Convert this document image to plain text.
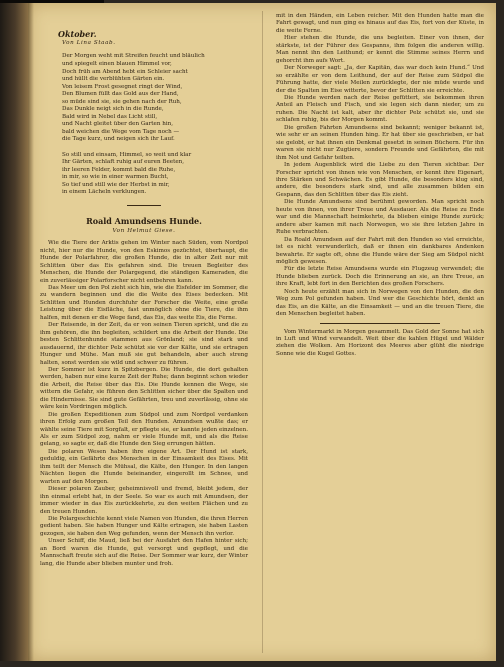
Oktober.
Von Lina Staab.
Der Morgen weht mit Streifen feucht und bläulich
und spiegelt einen blauen Himmel vor,
Doch früh am Abend hebt ein Schleier sacht
und hüllt die verblühten Gärten ein.
Von leisem Frost gesegnet ringt der Wind,
Den Blumen füllt das Gold aus der Hand,
so müde sind sie, sie gehen nach der Ruh,
Das Dunkle neigt sich in die Runde,
Bald wird in Nebel das Licht still,
und Nacht gleitet über den Garten hin,
bald weichen die Wege vom Tage noch —
die Tage kurz, und neigen sich ihr Lauf.
So still und einsam, Himmel, so weit und klar
Ihr Gärten, schlaft ruhig auf euren Beeten,
ihr leeren Felder, kommt bald die Ruhe,
in mir, so wie in einer warmen Bucht,
So tief und still wie der Herbst in mir,
in einem Lächeln verklungen.
Roald Amundsens Hunde.
Von Helmut Giese.

Wie die Tiere der Arktis gehen im Winter nach Süden, vom Nordpol nicht, hier nur die Hunde, von den Eskimos gezüchtet, überhaupt, die Hunde der Polarfahrer, die großen Hunde, die in alter Zeit nur mit Schlitten über das Eis gefahren sind. Die treuen Begleiter des Menschen, die Hunde der Polargegend, die ständigen Kameraden, die ein zuverlässiger Polarforscher nicht entbehren kann.

Das Meer um den Pol zieht sich hin, wie die Eisfelder im Sommer, die zu wandern beginnen und die die Weite des Eises bedecken. Mit Schlitten und Hunden durchfuhr der Forscher die Weite, eine große Leistung über die Eisfläche, fast unmöglich ohne die Tiere, die ihm halfen, mit denen er die Wege fand, das Eis, das weite Eis, die Ferne.

Der Reisende, in der Zeit, da er von seinen Tieren spricht, und die zu ihm gehören, die ihn begleiten, schildert uns die Arbeit der Hunde. Die besten Schlittenhunde stammen aus Grönland; sie sind stark und ausdauernd, ihr dichter Pelz schützt sie vor der Kälte, und sie ertragen Hunger und Mühe. Man muß sie gut behandeln, aber auch streng halten, sonst werden sie wild und schwer zu führen.

Der Sommer ist kurz in Spitzbergen. Die Hunde, die dort gehalten werden, haben nur eine kurze Zeit der Ruhe; dann beginnt schon wieder die Arbeit, die Reise über das Eis. Die Hunde kennen die Wege, sie wittern die Gefahr, sie führen den Schlitten sicher über die Spalten und die Hindernisse. Sie sind gute Gefährten, treu und zuverlässig, ohne sie wäre kein Vordringen möglich.

Die großen Expeditionen zum Südpol und zum Nordpol verdanken ihren Erfolg zum großen Teil den Hunden. Amundsen wußte das; er wählte seine Tiere mit Sorgfalt, er pflegte sie, er kannte jeden einzelnen. Als er zum Südpol zog, nahm er viele Hunde mit, und als die Reise gelang, so sagte er, daß die Hunde den Sieg errungen hätten.

Die polaren Wesen haben ihre eigene Art. Der Hund ist stark, geduldig, ein Gefährte des Menschen in der Einsamkeit des Eises. Mit ihm teilt der Mensch die Mühsal, die Kälte, den Hunger. In den langen Nächten liegen die Hunde beieinander, eingerollt im Schnee, und warten auf den Morgen.

Dieser polaren Zauber, geheimnisvoll und fremd, bleibt jedem, der ihn einmal erlebt hat, in der Seele. So war es auch mit Amundsen, der immer wieder in das Eis zurückkehrte, zu den weiten Flächen und zu den treuen Hunden.

Die Polargeschichte kennt viele Namen von Hunden, die ihren Herren gedient haben. Sie haben Hunger und Kälte ertragen, sie haben Lasten gezogen, sie haben den Weg gefunden, wenn der Mensch ihn verlor.

Unser Schiff, die Maud, ließ bei der Ausfahrt den Hafen hinter sich; an Bord waren die Hunde, gut versorgt und gepflegt, und die Mannschaft freute sich auf die Reise. Der Sommer war kurz, der Winter lang, die Hunde aber blieben munter und froh.

mit in den Händen, ein Leben reicher. Mit den Hunden hatte man die Fahrt gewagt, und nun ging es hinaus auf das Eis, fort von der Küste, in die weite Ferne.

Hier stehen die Hunde, die uns begleiten. Einer von ihnen, der stärkste, ist der Führer des Gespanns, ihm folgen die anderen willig. Man nennt ihn den Leithund; er kennt die Stimme seines Herrn und gehorcht ihm aufs Wort.

Der Norweger sagt: „Ja, der Kapitän, das war doch kein Hund.“ Und so erzählte er von dem Leithund, der auf der Reise zum Südpol die Führung hatte, der viele Meilen zurücklegte, der nie müde wurde und der die Spalten im Eise witterte, bevor der Schlitten sie erreichte.

Die Hunde werden nach der Reise gefüttert, sie bekommen ihren Anteil an Fleisch und Fisch, und sie legen sich dann nieder, um zu ruhen. Die Nacht ist kalt, aber ihr dichter Pelz schützt sie, und sie schlafen ruhig, bis der Morgen kommt.

Die großen Fahrten Amundsens sind bekannt; weniger bekannt ist, wie sehr er an seinen Hunden hing. Er hat über sie geschrieben, er hat sie gelobt, er hat ihnen ein Denkmal gesetzt in seinen Büchern. Für ihn waren sie nicht nur Zugtiere, sondern Freunde und Gefährten, die mit ihm Not und Gefahr teilten.

In jedem Augenblick wird die Liebe zu den Tieren sichtbar. Der Forscher spricht von ihnen wie von Menschen, er kennt ihre Eigenart, ihre Stärken und Schwächen. Es gibt Hunde, die besonders klug sind, andere, die besonders stark sind, und alle zusammen bilden ein Gespann, das den Schlitten über das Eis zieht.

Die Hunde Amundsens sind berühmt geworden. Man spricht noch heute von ihnen, von ihrer Treue und Ausdauer. Als die Reise zu Ende war und die Mannschaft heimkehrte, da blieben einige Hunde zurück; andere aber kamen mit nach Norwegen, wo sie ihre letzten Jahre in Ruhe verbrachten.

Da Roald Amundsen auf der Fahrt mit den Hunden so viel erreichte, ist es nicht verwunderlich, daß er ihnen ein dankbares Andenken bewahrte. Er sagte oft, ohne die Hunde wäre der Sieg am Südpol nicht möglich gewesen.

Für die letzte Reise Amundsens wurde ein Flugzeug verwendet; die Hunde blieben zurück. Doch die Erinnerung an sie, an ihre Treue, an ihre Kraft, lebt fort in den Berichten des großen Forschers.

Noch heute erzählt man sich in Norwegen von den Hunden, die den Weg zum Pol gefunden haben. Und wer die Geschichte hört, denkt an das Eis, an die Kälte, an die Einsamkeit — und an die treuen Tiere, die den Menschen begleitet haben.

Vom Wintermarkt in Morgen gesammelt. Das Gold der Sonne hat sich in Luft und Wind verwandelt. Weit über die kahlen Hügel und Wälder ziehen die Wolken. Am Horizont des Meeres aber glüht die niedrige Sonne wie die Kugel Gottes.
